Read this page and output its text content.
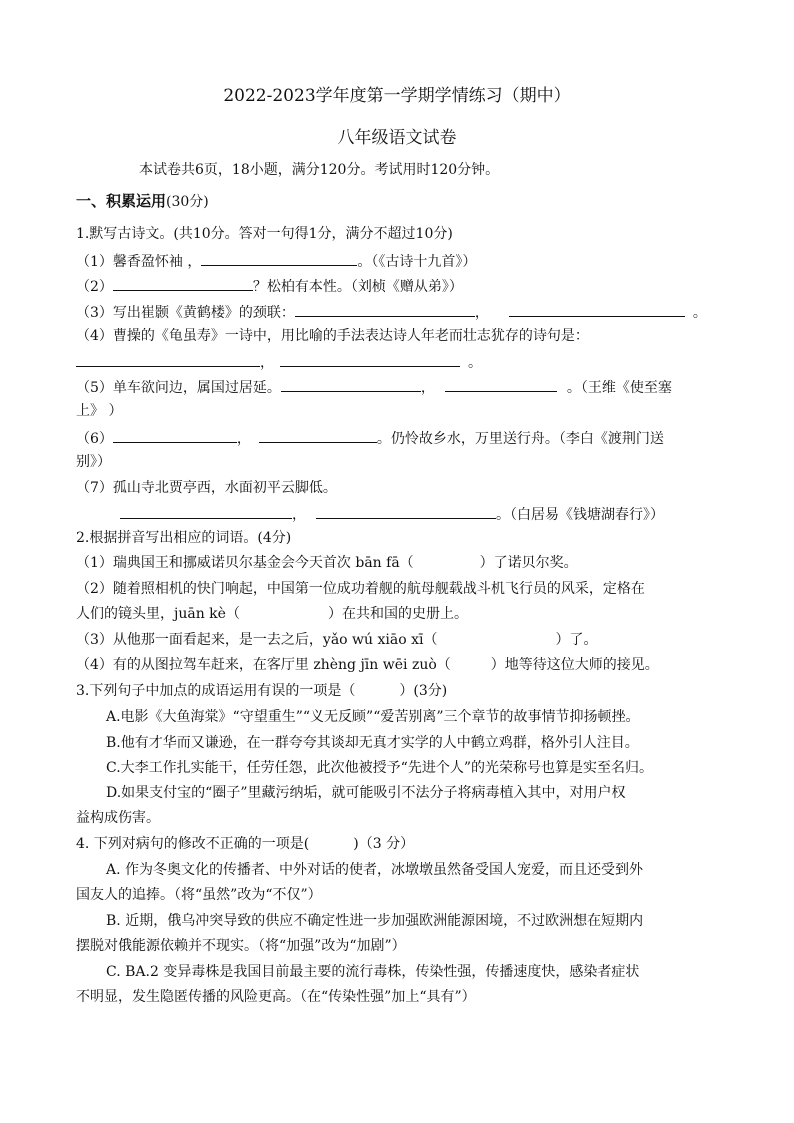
2022-2023学年度第一学期学情练习（期中）
八年级语文试卷
本试卷共6页，18小题，满分120分。考试用时120分钟。
一、积累运用(30分)
1.默写古诗文。(共10分。答对一句得1分，满分不超过10分)
（1）馨香盈怀袖 ，	。（《古诗十九首》）
（2）	？松柏有本性。（刘桢《赠从弟》）
（3）写出崔颢《黄鹤楼》的颈联：	，	。
（4）曹操的《龟虽寿》一诗中，用比喻的手法表达诗人年老而壮志犹存的诗句是：
，	。
（5）单车欲问边，属国过居延。	，	。（王维《使至塞
上》 ）
（6）	，	。仍怜故乡水，万里送行舟。（李白《渡荆门送
别》）
（7）孤山寺北贾亭西，水面初平云脚低。
，	。（白居易《钱塘湖春行》）
2.根据拼音写出相应的词语。(4分)
（1）瑞典国王和挪威诺贝尔基金会今天首次 bān fā（	）了诺贝尔奖。
（2）随着照相机的快门响起，中国第一位成功着舰的航母舰载战斗机飞行员的风采，定格在
人们的镜头里，juān kè（	）在共和国的史册上。
（3）从他那一面看起来，是一去之后，yǎo wú xiāo xī（	）了。
（4）有的从图拉驾车赶来，在客厅里 zhèng jīn wēi zuò（	）地等待这位大师的接见。
3.下列句子中加点的成语运用有误的一项是（	）(3分)
A.电影《大鱼海棠》“守望重生”“义无反顾”“爱苦别离”三个章节的故事情节抑扬顿挫。
B.他有才华而又谦逊，在一群夸夸其谈却无真才实学的人中鹤立鸡群，格外引人注目。
C.大李工作扎实能干，任劳任怨，此次他被授予“先进个人”的光荣称号也算是实至名归。
D.如果支付宝的“圈子”里藏污纳垢，就可能吸引不法分子将病毒植入其中，对用户权
益构成伤害。
4. 下列对病句的修改不正确的一项是(	)（3 分）
A. 作为冬奥文化的传播者、中外对话的使者，冰墩墩虽然备受国人宠爱，而且还受到外
国友人的追捧。（将“虽然”改为“不仅”）
B. 近期，俄乌冲突导致的供应不确定性进一步加强欧洲能源困境，不过欧洲想在短期内
摆脱对俄能源依赖并不现实。（将“加强”改为“加剧”）
C. BA.2 变异毒株是我国目前最主要的流行毒株，传染性强，传播速度快，感染者症状
不明显，发生隐匿传播的风险更高。（在“传染性强”加上“具有”）
